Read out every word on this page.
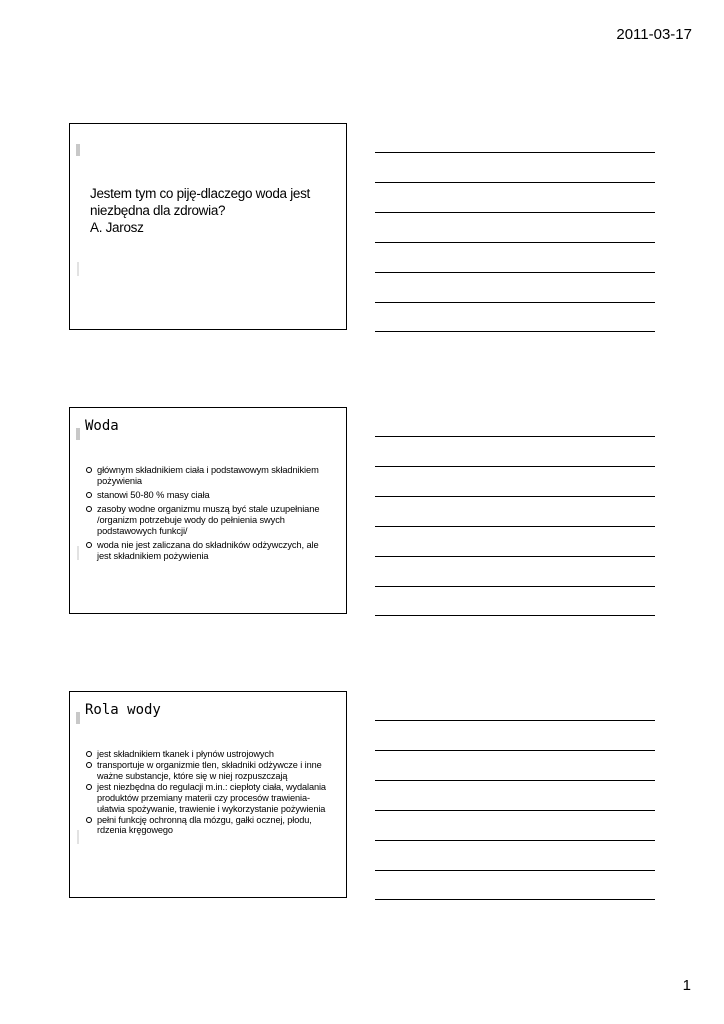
2011-03-17
Jestem tym co piję-dlaczego woda jest
niezbędna dla zdrowia?
A. Jarosz
Woda
głównym składnikiem ciała i podstawowym składnikiem pożywienia
stanowi 50-80 % masy ciała
zasoby wodne organizmu muszą być stale uzupełniane /organizm potrzebuje wody do pełnienia swych podstawowych funkcji/
woda nie jest zaliczana do składników odżywczych, ale jest składnikiem pożywienia
Rola wody
jest składnikiem tkanek i płynów ustrojowych
transportuje w organizmie tlen, składniki odżywcze i inne ważne substancje, które się w niej rozpuszczają
jest niezbędna do regulacji m.in.: ciepłoty ciała, wydalania produktów przemiany materii czy procesów trawienia- ułatwia spożywanie, trawienie i wykorzystanie pożywienia
pełni funkcję ochronną dla mózgu, gałki ocznej, płodu, rdzenia kręgowego
1
